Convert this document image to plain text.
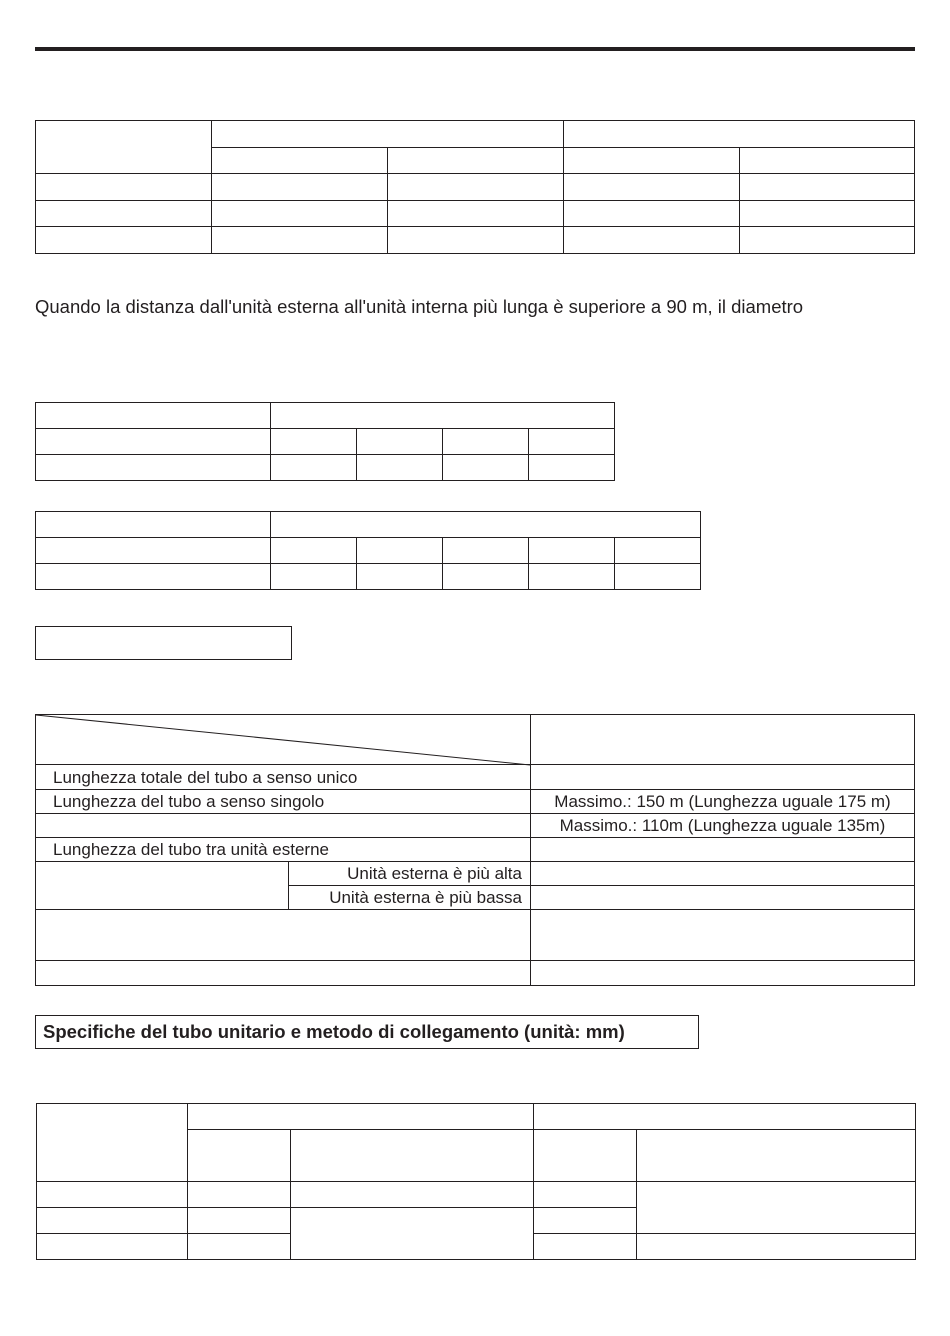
Quando la distanza dall'unità esterna all'unità interna più lunga è superiore a 90 m, il diametro

Lunghezza totale del tubo a senso unico		
Lunghezza del tubo a senso singolo		Massimo.: 150 m (Lunghezza uguale 175 m)
		Massimo.: 110m (Lunghezza uguale 135m)
Lunghezza del tubo tra unità esterne		
	Unità esterna è più alta	
	Unità esterna è più bassa	

Specifiche del tubo unitario e metodo di collegamento (unità: mm)
